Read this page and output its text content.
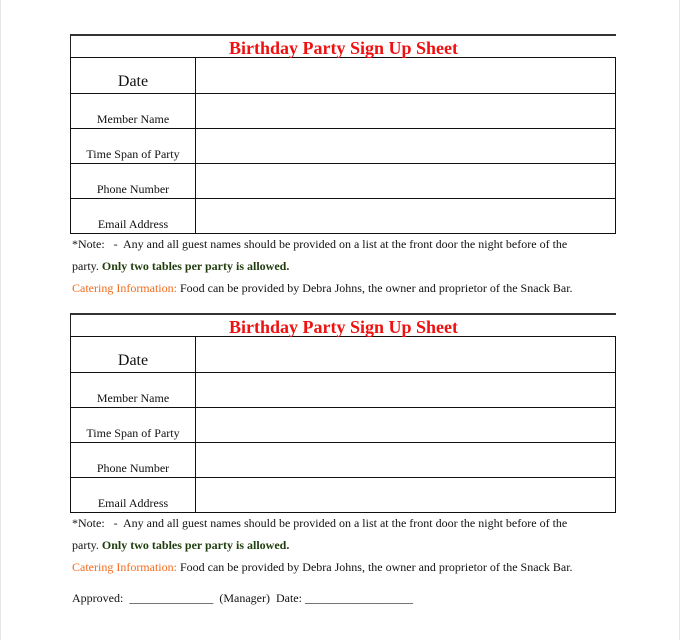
Birthday Party Sign Up Sheet
Date	
Member Name	
Time Span of Party	
Phone Number	
Email Address	
*Note:   -  Any and all guest names should be provided on a list at the front door the night before of the
party. Only two tables per party is allowed.
Catering Information: Food can be provided by Debra Johns, the owner and proprietor of the Snack Bar.
Birthday Party Sign Up Sheet
Date	
Member Name	
Time Span of Party	
Phone Number	
Email Address	
*Note:   -  Any and all guest names should be provided on a list at the front door the night before of the
party. Only two tables per party is allowed.
Catering Information: Food can be provided by Debra Johns, the owner and proprietor of the Snack Bar.
Approved:  ______________  (Manager)  Date: __________________
